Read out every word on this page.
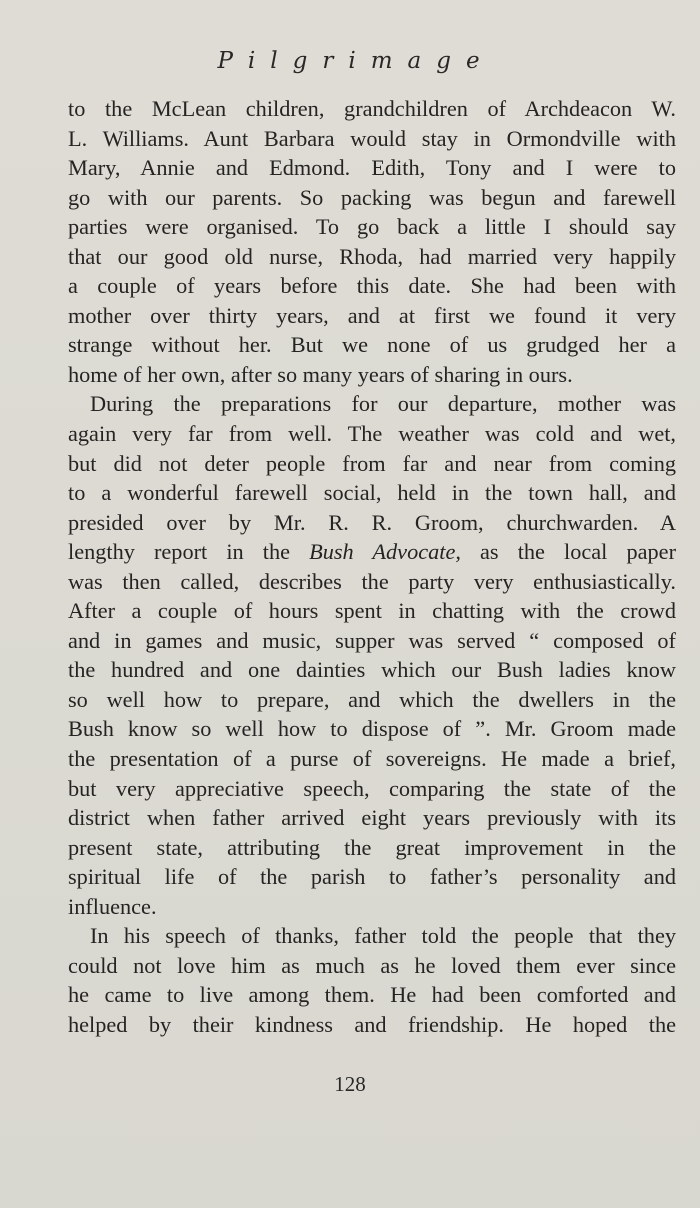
Pilgrimage
to the McLean children, grandchildren of Archdeacon W.
L. Williams. Aunt Barbara would stay in Ormondville with
Mary, Annie and Edmond. Edith, Tony and I were to
go with our parents. So packing was begun and farewell
parties were organised. To go back a little I should say
that our good old nurse, Rhoda, had married very happily
a couple of years before this date. She had been with
mother over thirty years, and at first we found it very
strange without her. But we none of us grudged her a
home of her own, after so many years of sharing in ours.
During the preparations for our departure, mother was
again very far from well. The weather was cold and wet,
but did not deter people from far and near from coming
to a wonderful farewell social, held in the town hall, and
presided over by Mr. R. R. Groom, churchwarden. A
lengthy report in the Bush Advocate, as the local paper
was then called, describes the party very enthusiastically.
After a couple of hours spent in chatting with the crowd
and in games and music, supper was served “ composed of
the hundred and one dainties which our Bush ladies know
so well how to prepare, and which the dwellers in the
Bush know so well how to dispose of ”. Mr. Groom made
the presentation of a purse of sovereigns. He made a brief,
but very appreciative speech, comparing the state of the
district when father arrived eight years previously with its
present state, attributing the great improvement in the
spiritual life of the parish to father’s personality and
influence.
In his speech of thanks, father told the people that they
could not love him as much as he loved them ever since
he came to live among them. He had been comforted and
helped by their kindness and friendship. He hoped the
128
